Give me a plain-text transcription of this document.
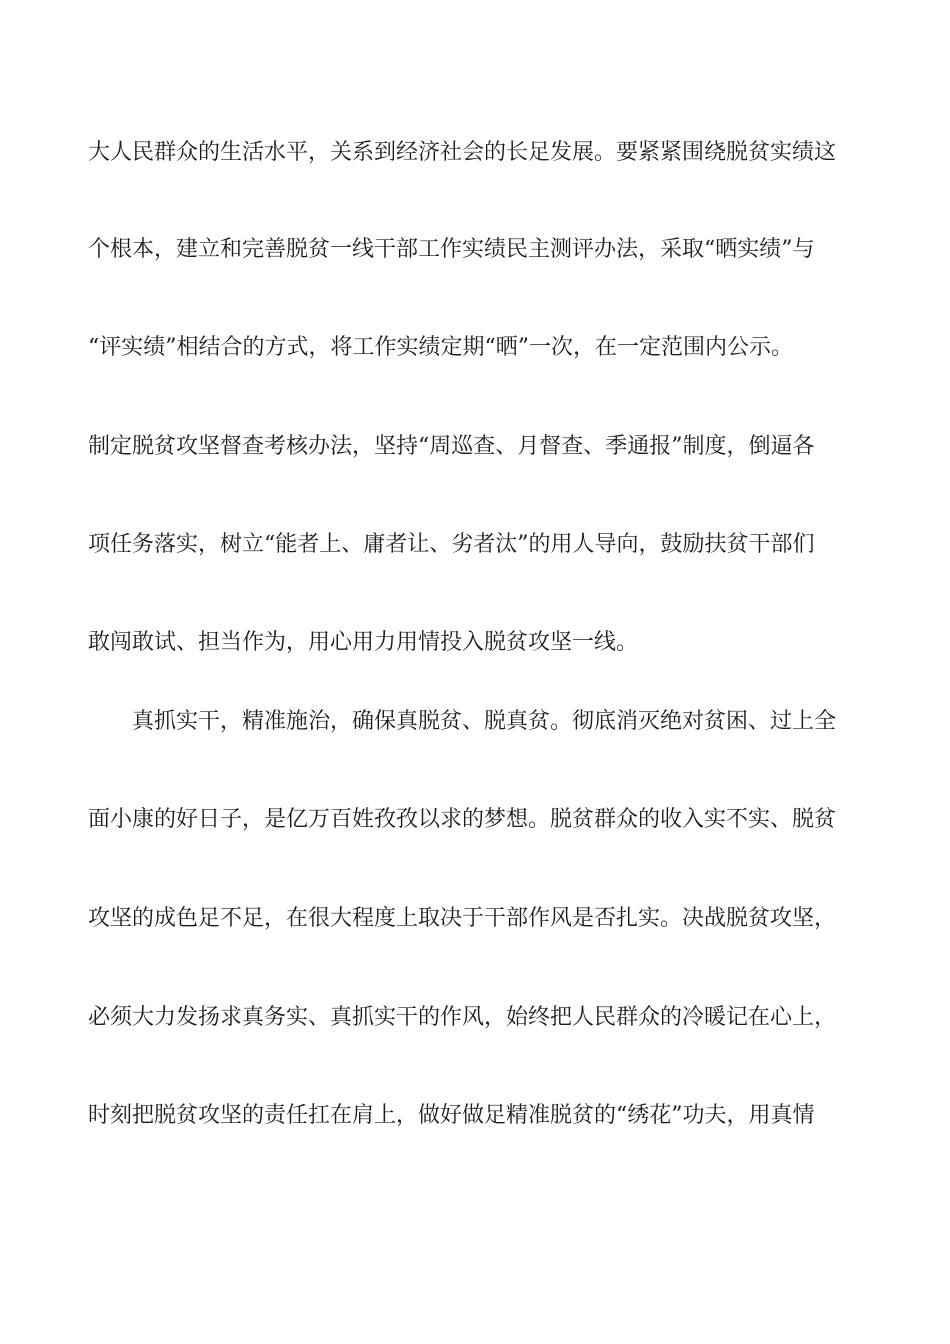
大人民群众的生活水平，关系到经济社会的长足发展。要紧紧围绕脱贫实绩这
个根本，建立和完善脱贫一线干部工作实绩民主测评办法，采取“晒实绩”与
“评实绩”相结合的方式，将工作实绩定期“晒”一次，在一定范围内公示。
制定脱贫攻坚督查考核办法，坚持“周巡查、月督查、季通报”制度，倒逼各
项任务落实，树立“能者上、庸者让、劣者汰”的用人导向，鼓励扶贫干部们
敢闯敢试、担当作为，用心用力用情投入脱贫攻坚一线。
真抓实干，精准施治，确保真脱贫、脱真贫。彻底消灭绝对贫困、过上全
面小康的好日子，是亿万百姓孜孜以求的梦想。脱贫群众的收入实不实、脱贫
攻坚的成色足不足，在很大程度上取决于干部作风是否扎实。决战脱贫攻坚，
必须大力发扬求真务实、真抓实干的作风，始终把人民群众的冷暖记在心上，
时刻把脱贫攻坚的责任扛在肩上，做好做足精准脱贫的“绣花”功夫，用真情
